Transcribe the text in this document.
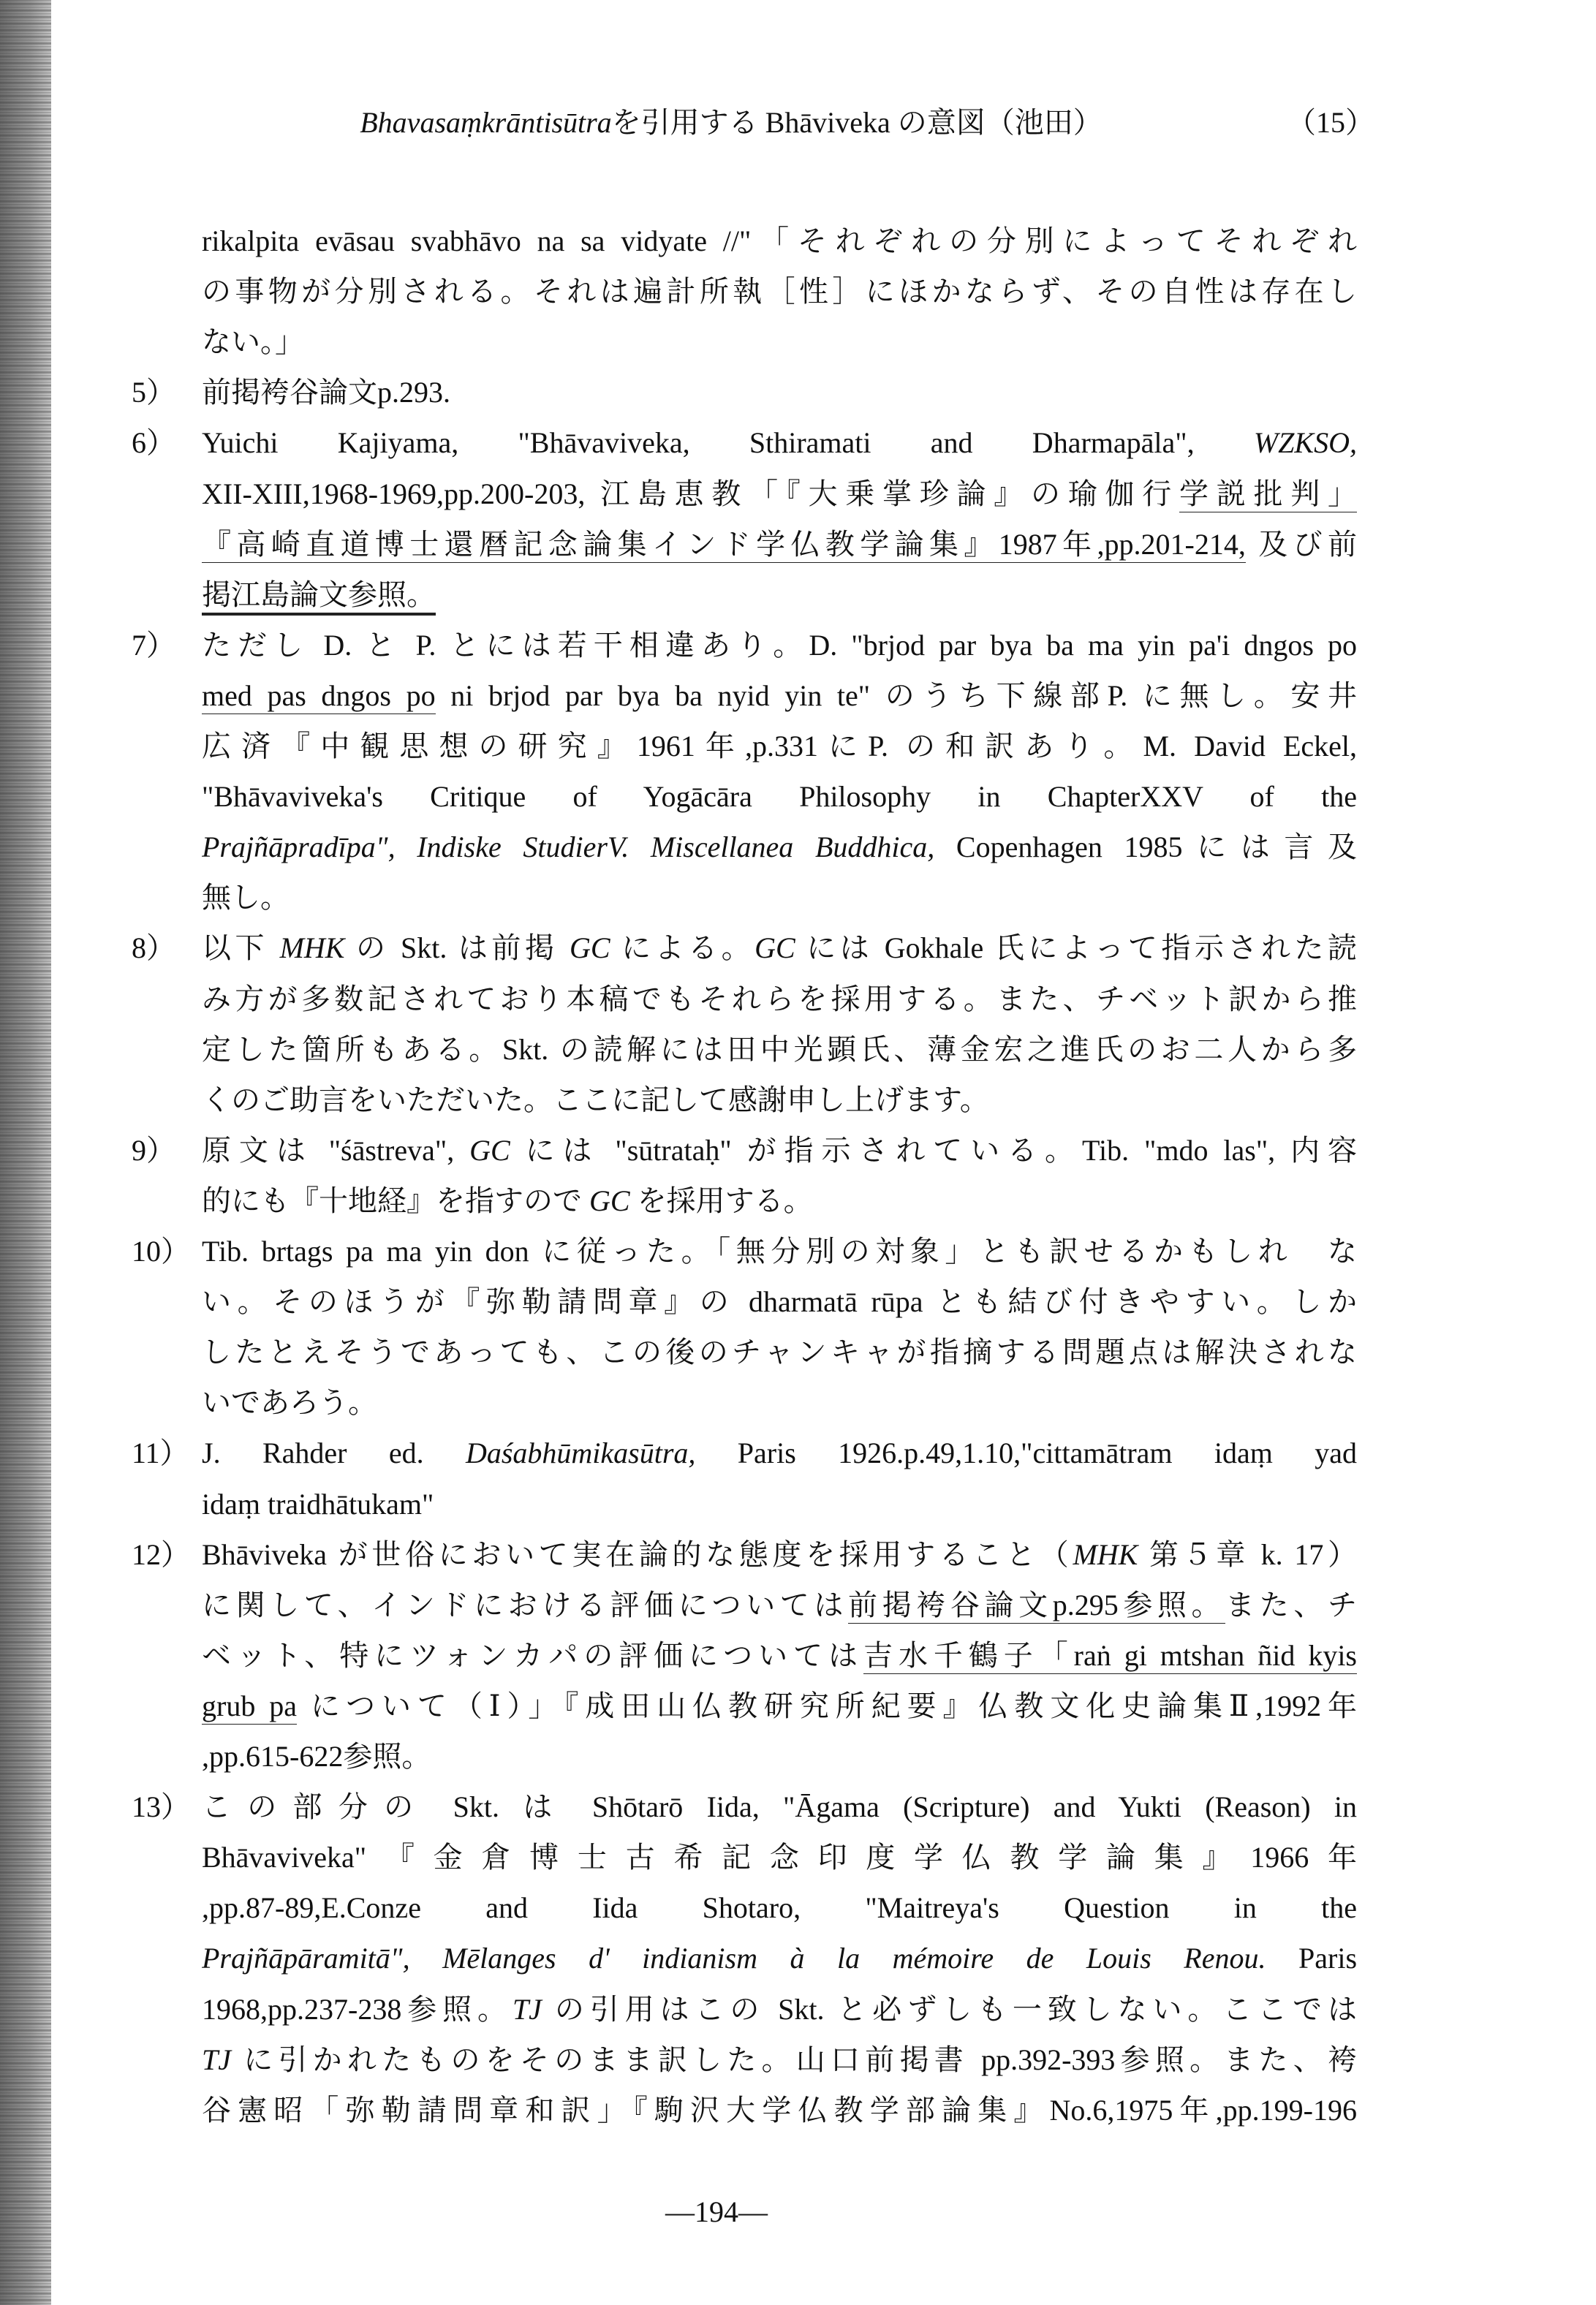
Bhavasaṃkrāntisūtraを引用する Bhāviveka の意図（池田）	（15）
rikalpita evāsau svabhāvo na sa vidyate //"「それぞれの分別によってそれぞれ
の事物が分別される。それは遍計所執［性］にほかならず、その自性は存在し
ない。」
5） 前掲袴谷論文p.293.
6） Yuichi Kajiyama, "Bhāvaviveka, Sthiramati and Dharmapāla", WZKSO,
XII-XIII,1968-1969,pp.200-203, 江島恵教「『大乗掌珍論』の瑜伽行学説批判」
『高崎直道博士還暦記念論集インド学仏教学論集』1987年,pp.201-214, 及び前
掲江島論文参照。
7） ただし D. と P. とには若干相違あり。D. "brjod par bya ba ma yin pa'i dngos po
med pas dngos po ni brjod par bya ba nyid yin te" のうち下線部P. に無し。安井
広済『中観思想の研究』1961年,p.331にP. の和訳あり。M. David Eckel,
"Bhāvaviveka's Critique of Yogācāra Philosophy in ChapterXXV of the
Prajñāpradīpa", Indiske StudierV. Miscellanea Buddhica, Copenhagen 1985には言及
無し。
8） 以下 MHK の Skt. は前掲 GC による。GC には Gokhale 氏によって指示された読
み方が多数記されており本稿でもそれらを採用する。また、チベット訳から推
定した箇所もある。Skt. の読解には田中光顕氏、薄金宏之進氏のお二人から多
くのご助言をいただいた。ここに記して感謝申し上げます。
9） 原文は "śāstreva", GC には "sūtrataḥ" が指示されている。Tib. "mdo las", 内容
的にも『十地経』を指すので GC を採用する。
10） Tib. brtags pa ma yin don に従った。「無分別の対象」とも訳せるかもしれ　な
い。そのほうが『弥勒請問章』の dharmatā rūpa とも結び付きやすい。しか
したとえそうであっても、この後のチャンキャが指摘する問題点は解決されな
いであろう。
11） J. Rahder ed. Daśabhūmikasūtra, Paris 1926.p.49,1.10,"cittamātram idaṃ yad
idaṃ traidhātukam"
12） Bhāviveka が世俗において実在論的な態度を採用すること（MHK 第５章 k. 17）
に関して、インドにおける評価については前掲袴谷論文p.295参照。また、チ
ベット、特にツォンカパの評価については吉水千鶴子「raṅ gi mtshan ñid kyis
grub pa について（Ⅰ）」『成田山仏教研究所紀要』仏教文化史論集Ⅱ,1992年
,pp.615-622参照。
13） この部分の Skt. は Shōtarō Iida, "Āgama (Scripture) and Yukti (Reason) in
Bhāvaviveka"『金倉博士古希記念印度学仏教学論集』1966年
,pp.87-89,E.Conze and Iida Shotaro, "Maitreya's Question in the
Prajñāpāramitā", Mēlanges d' indianism à la mémoire de Louis Renou. Paris
1968,pp.237-238参照。TJ の引用はこの Skt. と必ずしも一致しない。ここでは
TJ に引かれたものをそのまま訳した。山口前掲書 pp.392-393参照。また、袴
谷憲昭「弥勒請問章和訳」『駒沢大学仏教学部論集』No.6,1975年,pp.199-196
—194—
